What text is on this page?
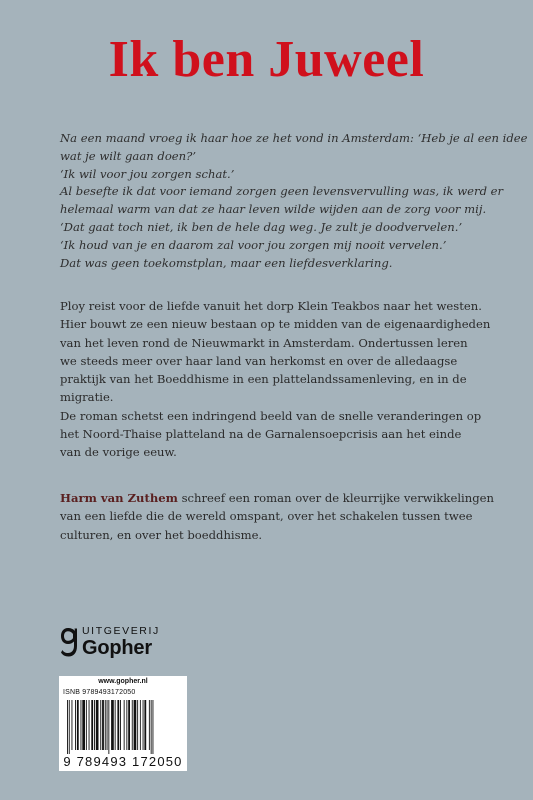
Ik ben Juweel
Na een maand vroeg ik haar hoe ze het vond in Amsterdam: ‘Heb je al een idee
wat je wilt gaan doen?’
‘Ik wil voor jou zorgen schat.’
Al besefte ik dat voor iemand zorgen geen levensvervulling was, ik werd er
helemaal warm van dat ze haar leven wilde wijden aan de zorg voor mij.
‘Dat gaat toch niet, ik ben de hele dag weg. Je zult je doodvervelen.’
‘Ik houd van je en daarom zal voor jou zorgen mij nooit vervelen.’
Dat was geen toekomstplan, maar een liefdesverklaring.
Ploy reist voor de liefde vanuit het dorp Klein Teakbos naar het westen.
Hier bouwt ze een nieuw bestaan op te midden van de eigenaardigheden
van het leven rond de Nieuwmarkt in Amsterdam. Ondertussen leren
we steeds meer over haar land van herkomst en over de alledaagse
praktijk van het Boeddhisme in een plattelandssamenleving, en in de
migratie.
De roman schetst een indringend beeld van de snelle veranderingen op
het Noord-Thaise platteland na de Garnalensoepcrisis aan het einde
van de vorige eeuw.
Harm van Zuthem schreef een roman over de kleurrijke verwikkelingen
van een liefde die de wereld omspant, over het schakelen tussen twee
culturen, en over het boeddhisme.
UITGEVERIJ
Gopher
www.gopher.nl
ISNB 9789493172050
9 789493 172050
